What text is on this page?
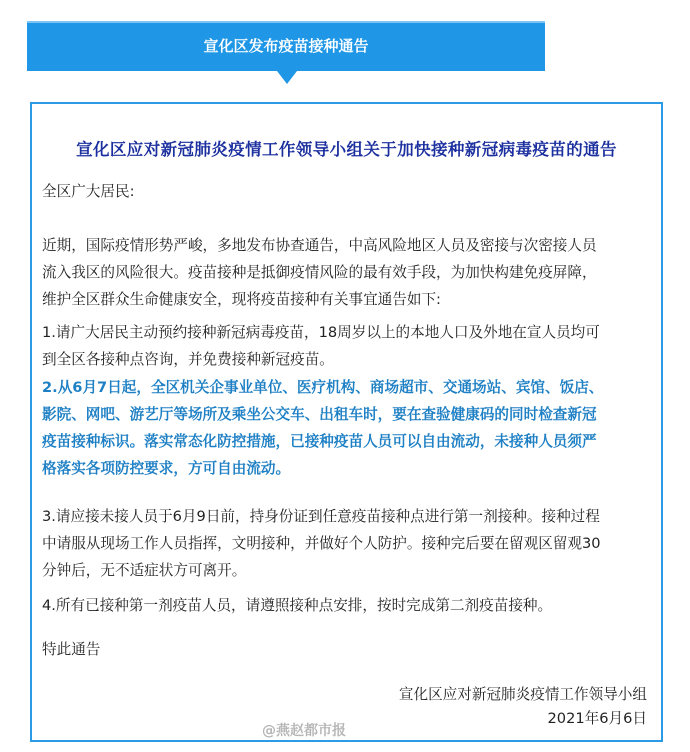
宣化区发布疫苗接种通告
宣化区应对新冠肺炎疫情工作领导小组关于加快接种新冠病毒疫苗的通告
全区广大居民:
近期，国际疫情形势严峻，多地发布协查通告，中高风险地区人员及密接与次密接人员
流入我区的风险很大。疫苗接种是抵御疫情风险的最有效手段，为加快构建免疫屏障，
维护全区群众生命健康安全，现将疫苗接种有关事宜通告如下:
1.请广大居民主动预约接种新冠病毒疫苗，18周岁以上的本地人口及外地在宣人员均可
到全区各接种点咨询，并免费接种新冠疫苗。
2.从6月7日起，全区机关企事业单位、医疗机构、商场超市、交通场站、宾馆、饭店、
影院、网吧、游艺厅等场所及乘坐公交车、出租车时，要在查验健康码的同时检查新冠
疫苗接种标识。落实常态化防控措施，已接种疫苗人员可以自由流动，未接种人员须严
格落实各项防控要求，方可自由流动。
3.请应接未接人员于6月9日前，持身份证到任意疫苗接种点进行第一剂接种。接种过程
中请服从现场工作人员指挥，文明接种，并做好个人防护。接种完后要在留观区留观30
分钟后，无不适症状方可离开。
4.所有已接种第一剂疫苗人员，请遵照接种点安排，按时完成第二剂疫苗接种。
特此通告
宣化区应对新冠肺炎疫情工作领导小组
2021年6月6日
@燕赵都市报
